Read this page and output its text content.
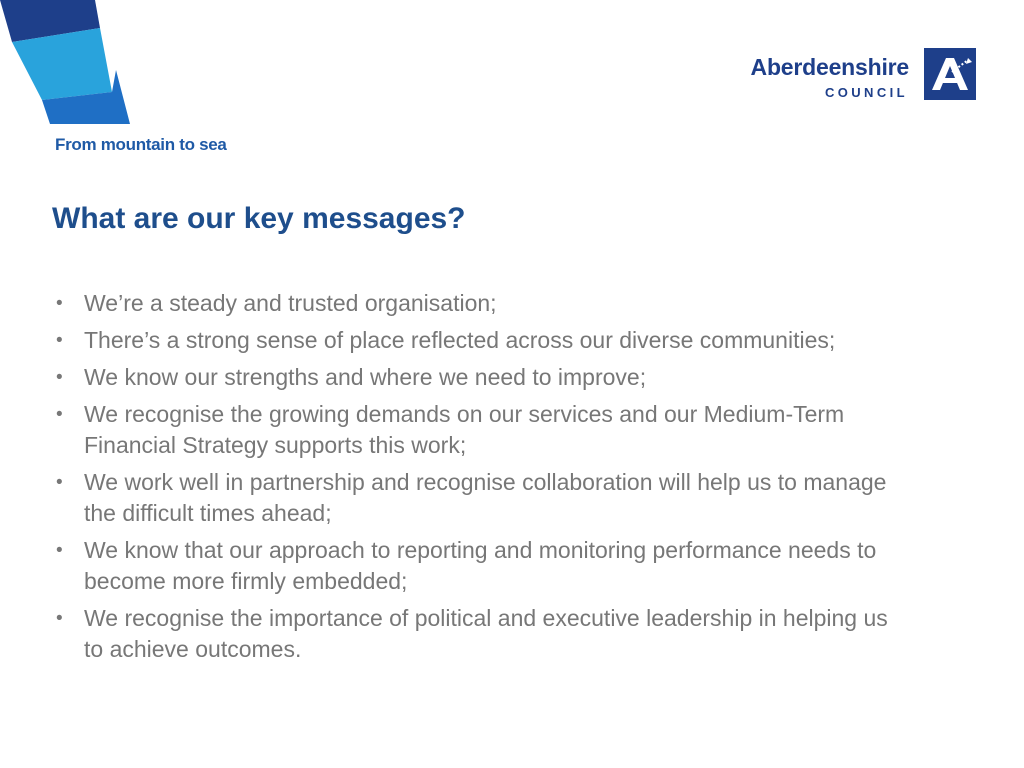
From mountain to sea
Aberdeenshire
COUNCIL
What are our key messages?
• We’re a steady and trusted organisation;
• There’s a strong sense of place reflected across our diverse communities;
• We know our strengths and where we need to improve;
• We recognise the growing demands on our services and our Medium-Term Financial Strategy supports this work;
• We work well in partnership and recognise collaboration will help us to manage the difficult times ahead;
• We know that our approach to reporting and monitoring performance needs to become more firmly embedded;
• We recognise the importance of political and executive leadership in helping us to achieve outcomes.
